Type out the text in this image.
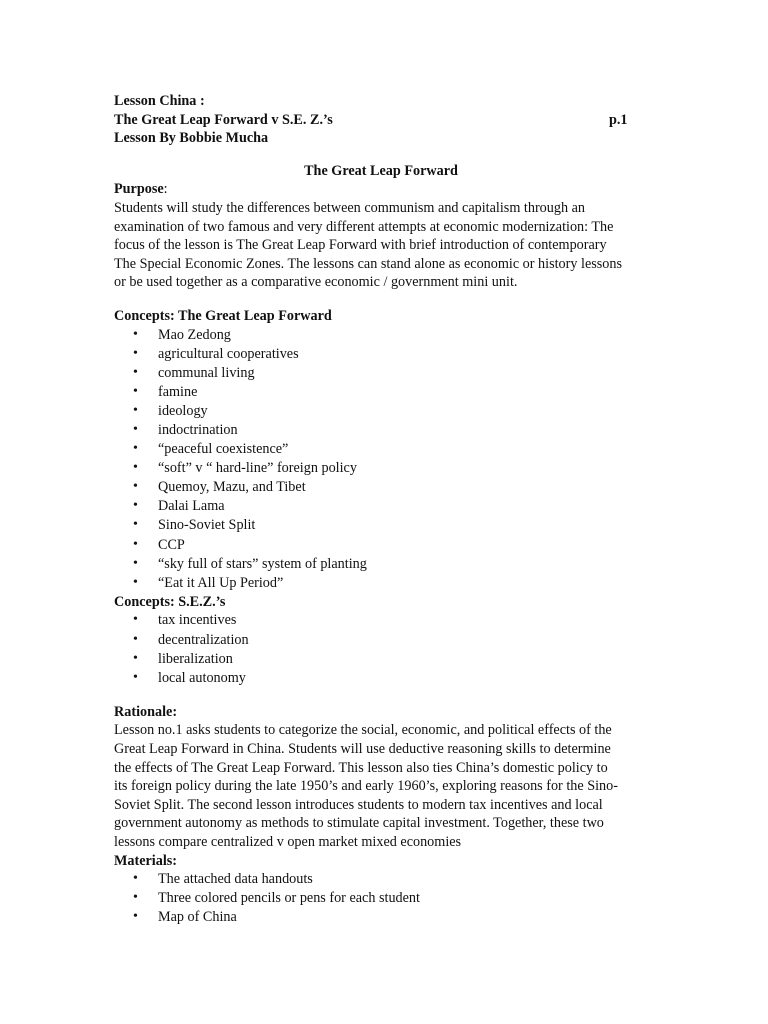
Lesson China :
The Great Leap Forward v S.E. Z.’s	p.1
Lesson By Bobbie Mucha
The Great Leap Forward

Purpose:

Students will study the differences between communism and capitalism through an
examination of two famous and very different attempts at economic modernization: The
focus of the lesson is The Great Leap Forward with brief introduction of contemporary
The Special Economic Zones. The lessons can stand alone as economic or history lessons
or be used together as a comparative economic / government mini unit.

Concepts: The Great Leap Forward

• Mao Zedong
• agricultural cooperatives
• communal living
• famine
• ideology
• indoctrination
• “peaceful coexistence”
• “soft” v “ hard-line” foreign policy
• Quemoy, Mazu, and Tibet
• Dalai Lama
• Sino-Soviet Split
• CCP
• “sky full of stars” system of planting
• “Eat it All Up Period”

Concepts: S.E.Z.’s

• tax incentives
• decentralization
• liberalization
• local autonomy

Rationale:

Lesson no.1 asks students to categorize the social, economic, and political effects of the
Great Leap Forward in China. Students will use deductive reasoning skills to determine
the effects of The Great Leap Forward. This lesson also ties China’s domestic policy to
its foreign policy during the late 1950’s and early 1960’s, exploring reasons for the Sino-
Soviet Split. The second lesson introduces students to modern tax incentives and local
government autonomy as methods to stimulate capital investment. Together, these two
lessons compare centralized v open market mixed economies

Materials:

• The attached data handouts
• Three colored pencils or pens for each student
• Map of China
